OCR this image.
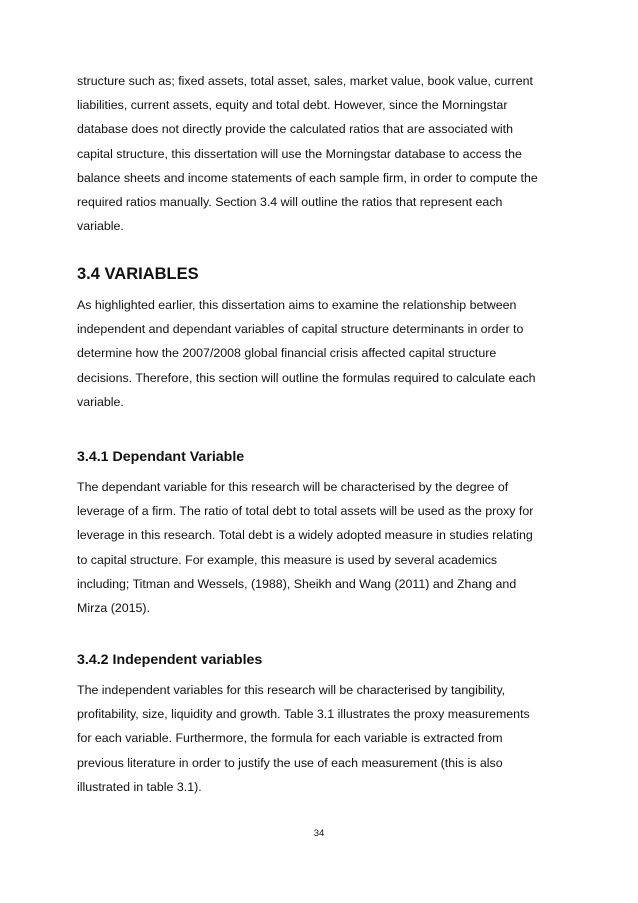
structure such as; fixed assets, total asset, sales, market value, book value, current
liabilities, current assets, equity and total debt. However, since the Morningstar
database does not directly provide the calculated ratios that are associated with
capital structure, this dissertation will use the Morningstar database to access the
balance sheets and income statements of each sample firm, in order to compute the
required ratios manually. Section 3.4 will outline the ratios that represent each
variable.

3.4 VARIABLES

As highlighted earlier, this dissertation aims to examine the relationship between
independent and dependant variables of capital structure determinants in order to
determine how the 2007/2008 global financial crisis affected capital structure
decisions. Therefore, this section will outline the formulas required to calculate each
variable.

3.4.1 Dependant Variable

The dependant variable for this research will be characterised by the degree of
leverage of a firm. The ratio of total debt to total assets will be used as the proxy for
leverage in this research. Total debt is a widely adopted measure in studies relating
to capital structure. For example, this measure is used by several academics
including; Titman and Wessels, (1988), Sheikh and Wang (2011) and Zhang and
Mirza (2015).

3.4.2 Independent variables

The independent variables for this research will be characterised by tangibility,
profitability, size, liquidity and growth. Table 3.1 illustrates the proxy measurements
for each variable. Furthermore, the formula for each variable is extracted from
previous literature in order to justify the use of each measurement (this is also
illustrated in table 3.1).

34
